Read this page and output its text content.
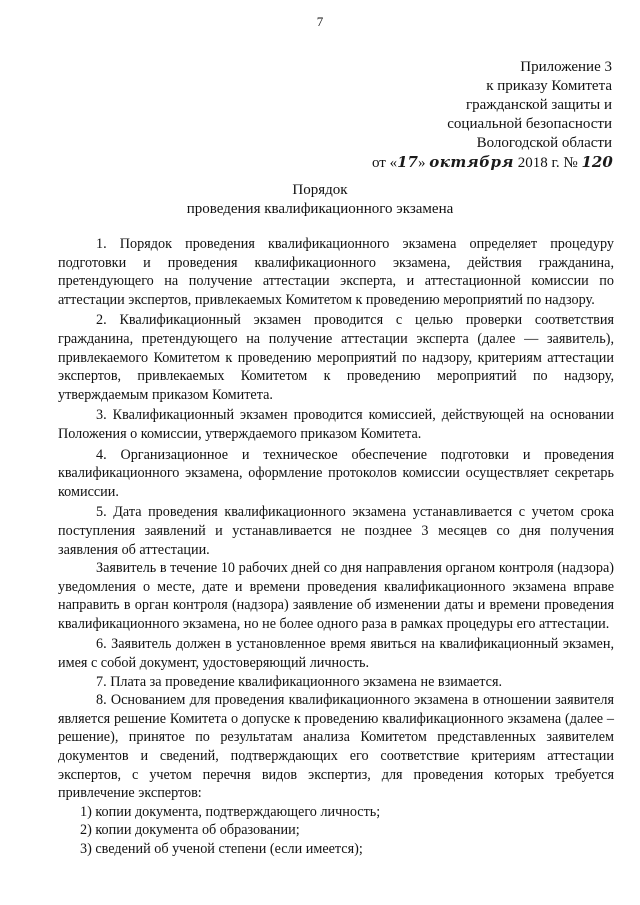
7
Приложение 3
к приказу Комитета
гражданской защиты и
социальной безопасности
Вологодской области
от «17» октября 2018 г. № 120
Порядок
проведения квалификационного экзамена

1. Порядок проведения квалификационного экзамена определяет процедуру подготовки и проведения квалификационного экзамена, действия гражданина, претендующего на получение аттестации эксперта, и аттестационной комиссии по аттестации экспертов, привлекаемых Комитетом к проведению мероприятий по надзору.

2. Квалификационный экзамен проводится с целью проверки соответствия гражданина, претендующего на получение аттестации эксперта (далее — заявитель), привлекаемого Комитетом к проведению мероприятий по надзору, критериям аттестации экспертов, привлекаемых Комитетом к проведению мероприятий по надзору, утверждаемым приказом Комитета.

3. Квалификационный экзамен проводится комиссией, действующей на основании Положения о комиссии, утверждаемого приказом Комитета.

4. Организационное и техническое обеспечение подготовки и проведения квалификационного экзамена, оформление протоколов комиссии осуществляет секретарь комиссии.

5. Дата проведения квалификационного экзамена устанавливается с учетом срока поступления заявлений и устанавливается не позднее 3 месяцев со дня получения заявления об аттестации.

Заявитель в течение 10 рабочих дней со дня направления органом контроля (надзора) уведомления о месте, дате и времени проведения квалификационного экзамена вправе направить в орган контроля (надзора) заявление об изменении даты и времени проведения квалификационного экзамена, но не более одного раза в рамках процедуры его аттестации.

6. Заявитель должен в установленное время явиться на квалификационный экзамен, имея с собой документ, удостоверяющий личность.

7. Плата за проведение квалификационного экзамена не взимается.

8. Основанием для проведения квалификационного экзамена в отношении заявителя является решение Комитета о допуске к проведению квалификационного экзамена (далее – решение), принятое по результатам анализа Комитетом представленных заявителем документов и сведений, подтверждающих его соответствие критериям аттестации экспертов, с учетом перечня видов экспертиз, для проведения которых требуется привлечение экспертов:

1) копии документа, подтверждающего личность;

2) копии документа об образовании;

3) сведений об ученой степени (если имеется);
